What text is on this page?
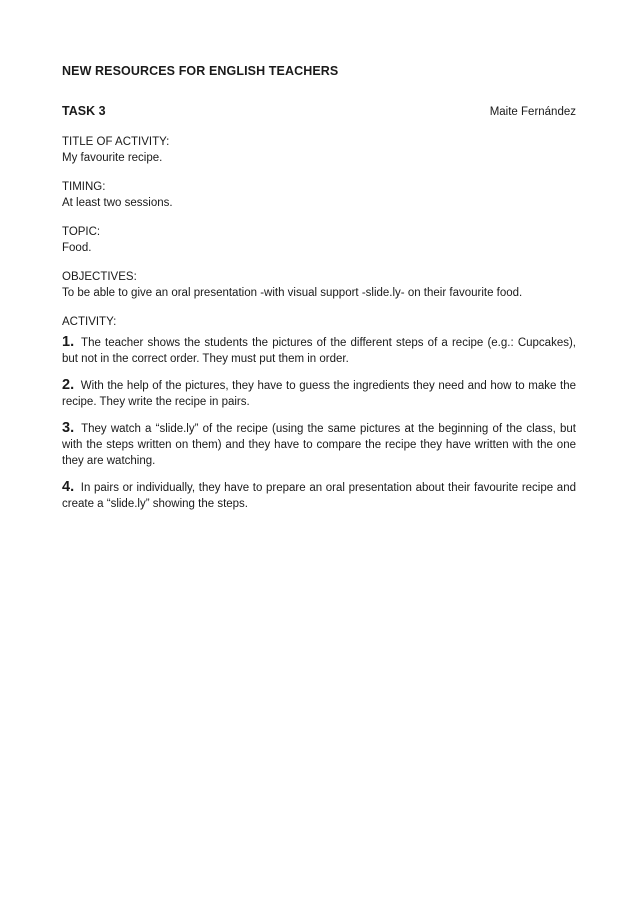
NEW RESOURCES FOR ENGLISH TEACHERS
TASK 3	Maite Fernández
TITLE OF ACTIVITY:
My favourite recipe.
TIMING:
At least two sessions.
TOPIC:
Food.
OBJECTIVES:
To be able to give an oral presentation -with visual support -slide.ly- on their favourite food.
ACTIVITY:
1. The teacher shows the students the pictures of the different steps of a recipe (e.g.: Cupcakes), but not in the correct order. They must put them in order.
2. With the help of the pictures, they have to guess the ingredients they need and how to make the recipe. They write the recipe in pairs.
3. They watch a “slide.ly” of the recipe (using the same pictures at the beginning of the class, but with the steps written on them) and they have to compare the recipe they have written with the one they are watching.
4. In pairs or individually, they have to prepare an oral presentation about their favourite recipe and create a “slide.ly” showing the steps.
